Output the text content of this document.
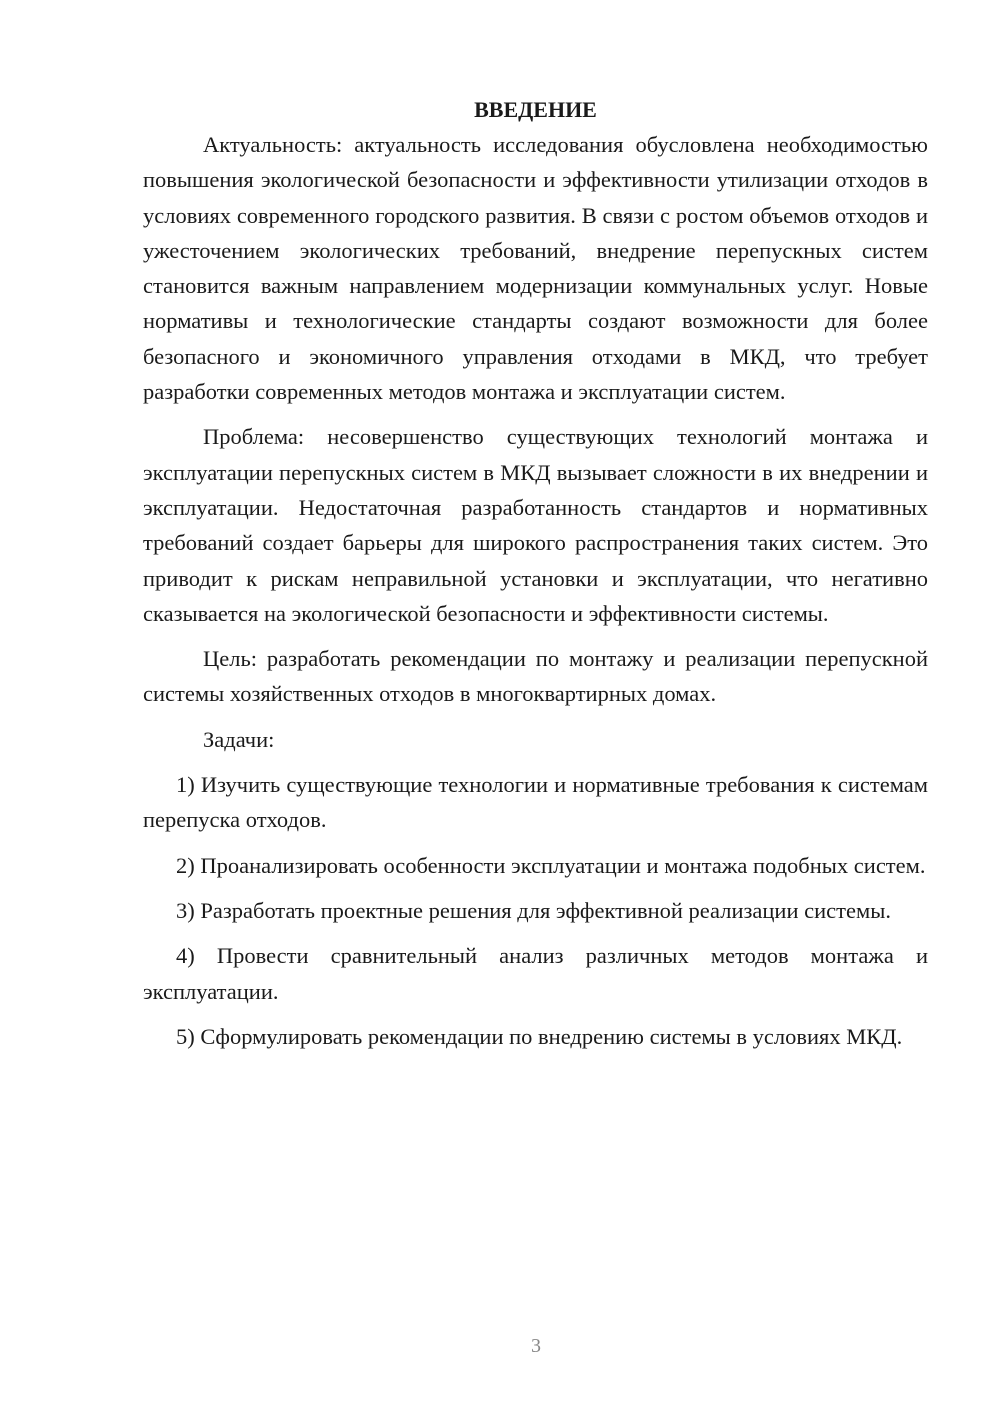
ВВЕДЕНИЕ

Актуальность: актуальность исследования обусловлена необходимостью повышения экологической безопасности и эффективности утилизации отходов в условиях современного городского развития. В связи с ростом объемов отходов и ужесточением экологических требований, внедрение перепускных систем становится важным направлением модернизации коммунальных услуг. Новые нормативы и технологические стандарты создают возможности для более безопасного и экономичного управления отходами в МКД, что требует разработки современных методов монтажа и эксплуатации систем.

Проблема: несовершенство существующих технологий монтажа и эксплуатации перепускных систем в МКД вызывает сложности в их внедрении и эксплуатации. Недостаточная разработанность стандартов и нормативных требований создает барьеры для широкого распространения таких систем. Это приводит к рискам неправильной установки и эксплуатации, что негативно сказывается на экологической безопасности и эффективности системы.

Цель: разработать рекомендации по монтажу и реализации перепускной системы хозяйственных отходов в многоквартирных домах.

Задачи:

1) Изучить существующие технологии и нормативные требования к системам перепуска отходов.

2) Проанализировать особенности эксплуатации и монтажа подобных систем.

3) Разработать проектные решения для эффективной реализации системы.

4) Провести сравнительный анализ различных методов монтажа и эксплуатации.

5) Сформулировать рекомендации по внедрению системы в условиях МКД.

3
